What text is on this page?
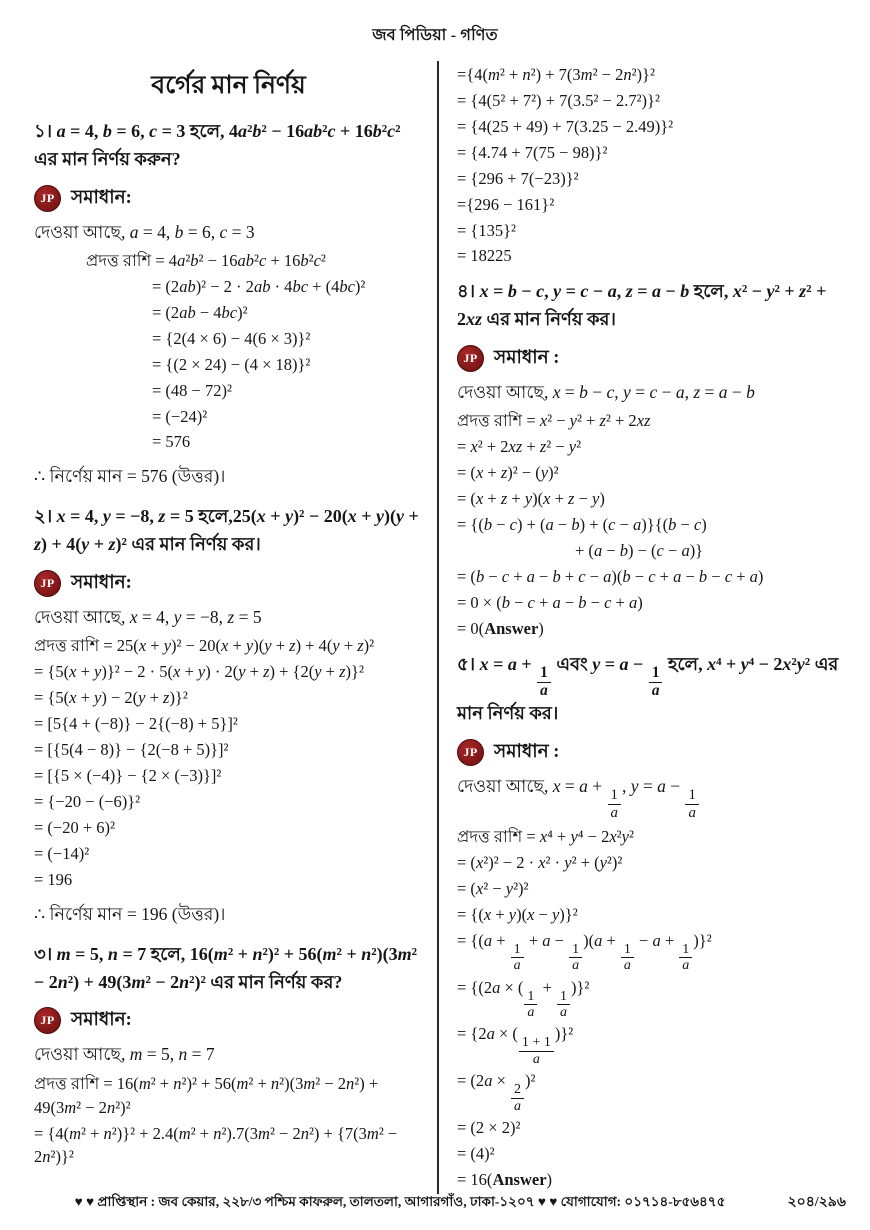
জব পিডিয়া - গণিত
বর্গের মান নির্ণয়

১। a = 4, b = 6, c = 3 হলে, 4a²b² − 16ab²c + 16b²c² এর মান নির্ণয় করুন?

JP সমাধান:

দেওয়া আছে, a = 4, b = 6, c = 3

প্রদত্ত রাশি = 4a²b² − 16ab²c + 16b²c²
= (2ab)² − 2 · 2ab · 4bc + (4bc)²
= (2ab − 4bc)²
= {2(4 × 6) − 4(6 × 3)}²
= {(2 × 24) − (4 × 18)}²
= (48 − 72)²
= (−24)²
= 576

∴ নির্ণেয় মান = 576 (উত্তর)।

২। x = 4, y = −8, z = 5 হলে,25(x + y)² − 20(x + y)(y + z) + 4(y + z)² এর মান নির্ণয় কর।

JP সমাধান:

দেওয়া আছে, x = 4, y = −8, z = 5

প্রদত্ত রাশি = 25(x + y)² − 20(x + y)(y + z) + 4(y + z)²
= {5(x + y)}² − 2 · 5(x + y) · 2(y + z) + {2(y + z)}²
= {5(x + y) − 2(y + z)}²
= [5{4 + (−8)} − 2{(−8) + 5}]²
= [{5(4 − 8)} − {2(−8 + 5)}]²
= [{5 × (−4)} − {2 × (−3)}]²
= {−20 − (−6)}²
= (−20 + 6)²
= (−14)²
= 196

∴ নির্ণেয় মান = 196 (উত্তর)।

৩। m = 5, n = 7 হলে, 16(m² + n²)² + 56(m² + n²)(3m² − 2n²) + 49(3m² − 2n²)² এর মান নির্ণয় কর?

JP সমাধান:

দেওয়া আছে, m = 5, n = 7

প্রদত্ত রাশি = 16(m² + n²)² + 56(m² + n²)(3m² − 2n²) + 49(3m² − 2n²)²
= {4(m² + n²)}² + 2.4(m² + n²).7(3m² − 2n²) + {7(3m² − 2n²)}²
={4(m² + n²) + 7(3m² − 2n²)}²
= {4(5² + 7²) + 7(3.5² − 2.7²)}²
= {4(25 + 49) + 7(3.25 − 2.49)}²
= {4.74 + 7(75 − 98)}²
= {296 + 7(−23)}²
={296 − 161}²
= {135}²
= 18225

৪। x = b − c, y = c − a, z = a − b হলে, x² − y² + z² + 2xz এর মান নির্ণয় কর।

JP সমাধান :

দেওয়া আছে, x = b − c, y = c − a, z = a − b

প্রদত্ত রাশি = x² − y² + z² + 2xz
= x² + 2xz + z² − y²
= (x + z)² − (y)²
= (x + z + y)(x + z − y)
= {(b − c) + (a − b) + (c − a)}{(b − c)
+ (a − b) − (c − a)}
= (b − c + a − b + c − a)(b − c + a − b − c + a)
= 0 × (b − c + a − b − c + a)
= 0(Answer)

৫। x = a +
$\frac{1}{a}$
এবং y = a −
$\frac{1}{a}$
হলে, x⁴ + y⁴ − 2x²y² এর মান নির্ণয় কর।

JP সমাধান :

দেওয়া আছে, x = a +
$\frac{1}{a}$
, y = a −
$\frac{1}{a}$

প্রদত্ত রাশি = x⁴ + y⁴ − 2x²y²
= (x²)² − 2 · x² · y² + (y²)²
= (x² − y²)²
= {(x + y)(x − y)}²
= {(a +
$\frac{1}{a}$
+ a −
$\frac{1}{a}$
)(a +
$\frac{1}{a}$
− a +
$\frac{1}{a}$
)}²
= {(2a × (
$\frac{1}{a}$
+
$\frac{1}{a}$
)}²
= {2a × (
$\frac{1 + 1}{a}$
)}²
= (2a ×
$\frac{2}{a}$
)²
= (2 × 2)²
= (4)²
= 16(Answer)
♥ ♥ প্রাপ্তিস্থান : জব কেয়ার, ২২৮/৩ পশ্চিম কাফরুল, তালতলা, আগারগাঁও, ঢাকা-১২০৭ ♥ ♥ যোগাযোগ: ০১৭১৪-৮৫৬৪৭৫	২০৪/২৯৬
